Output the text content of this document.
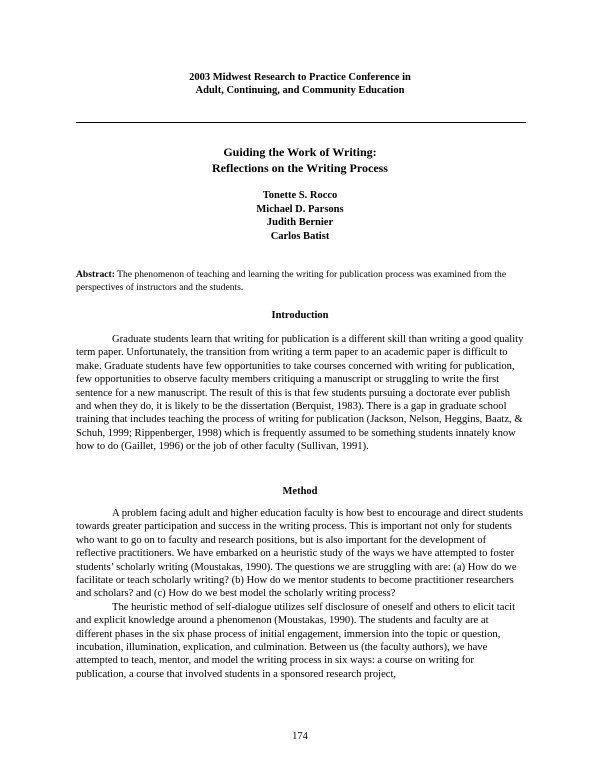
2003 Midwest Research to Practice Conference in
Adult, Continuing, and Community Education
Guiding the Work of Writing:
Reflections on the Writing Process
Tonette S. Rocco
Michael D. Parsons
Judith Bernier
Carlos Batist
Abstract: The phenomenon of teaching and learning the writing for publication process was examined from the perspectives of instructors and the students.
Introduction

Graduate students learn that writing for publication is a different skill than writing a good quality term paper. Unfortunately, the transition from writing a term paper to an academic paper is difficult to make. Graduate students have few opportunities to take courses concerned with writing for publication, few opportunities to observe faculty members critiquing a manuscript or struggling to write the first sentence for a new manuscript. The result of this is that few students pursuing a doctorate ever publish and when they do, it is likely to be the dissertation (Berquist, 1983). There is a gap in graduate school training that includes teaching the process of writing for publication (Jackson, Nelson, Heggins, Baatz, & Schuh, 1999; Rippenberger, 1998) which is frequently assumed to be something students innately know how to do (Gaillet, 1996) or the job of other faculty (Sullivan, 1991).

Method

A problem facing adult and higher education faculty is how best to encourage and direct students towards greater participation and success in the writing process. This is important not only for students who want to go on to faculty and research positions, but is also important for the development of reflective practitioners. We have embarked on a heuristic study of the ways we have attempted to foster students’ scholarly writing (Moustakas, 1990). The questions we are struggling with are: (a) How do we facilitate or teach scholarly writing? (b) How do we mentor students to become practitioner researchers and scholars? and (c) How do we best model the scholarly writing process?

The heuristic method of self-dialogue utilizes self disclosure of oneself and others to elicit tacit and explicit knowledge around a phenomenon (Moustakas, 1990). The students and faculty are at different phases in the six phase process of initial engagement, immersion into the topic or question, incubation, illumination, explication, and culmination. Between us (the faculty authors), we have attempted to teach, mentor, and model the writing process in six ways: a course on writing for publication, a course that involved students in a sponsored research project,

174
